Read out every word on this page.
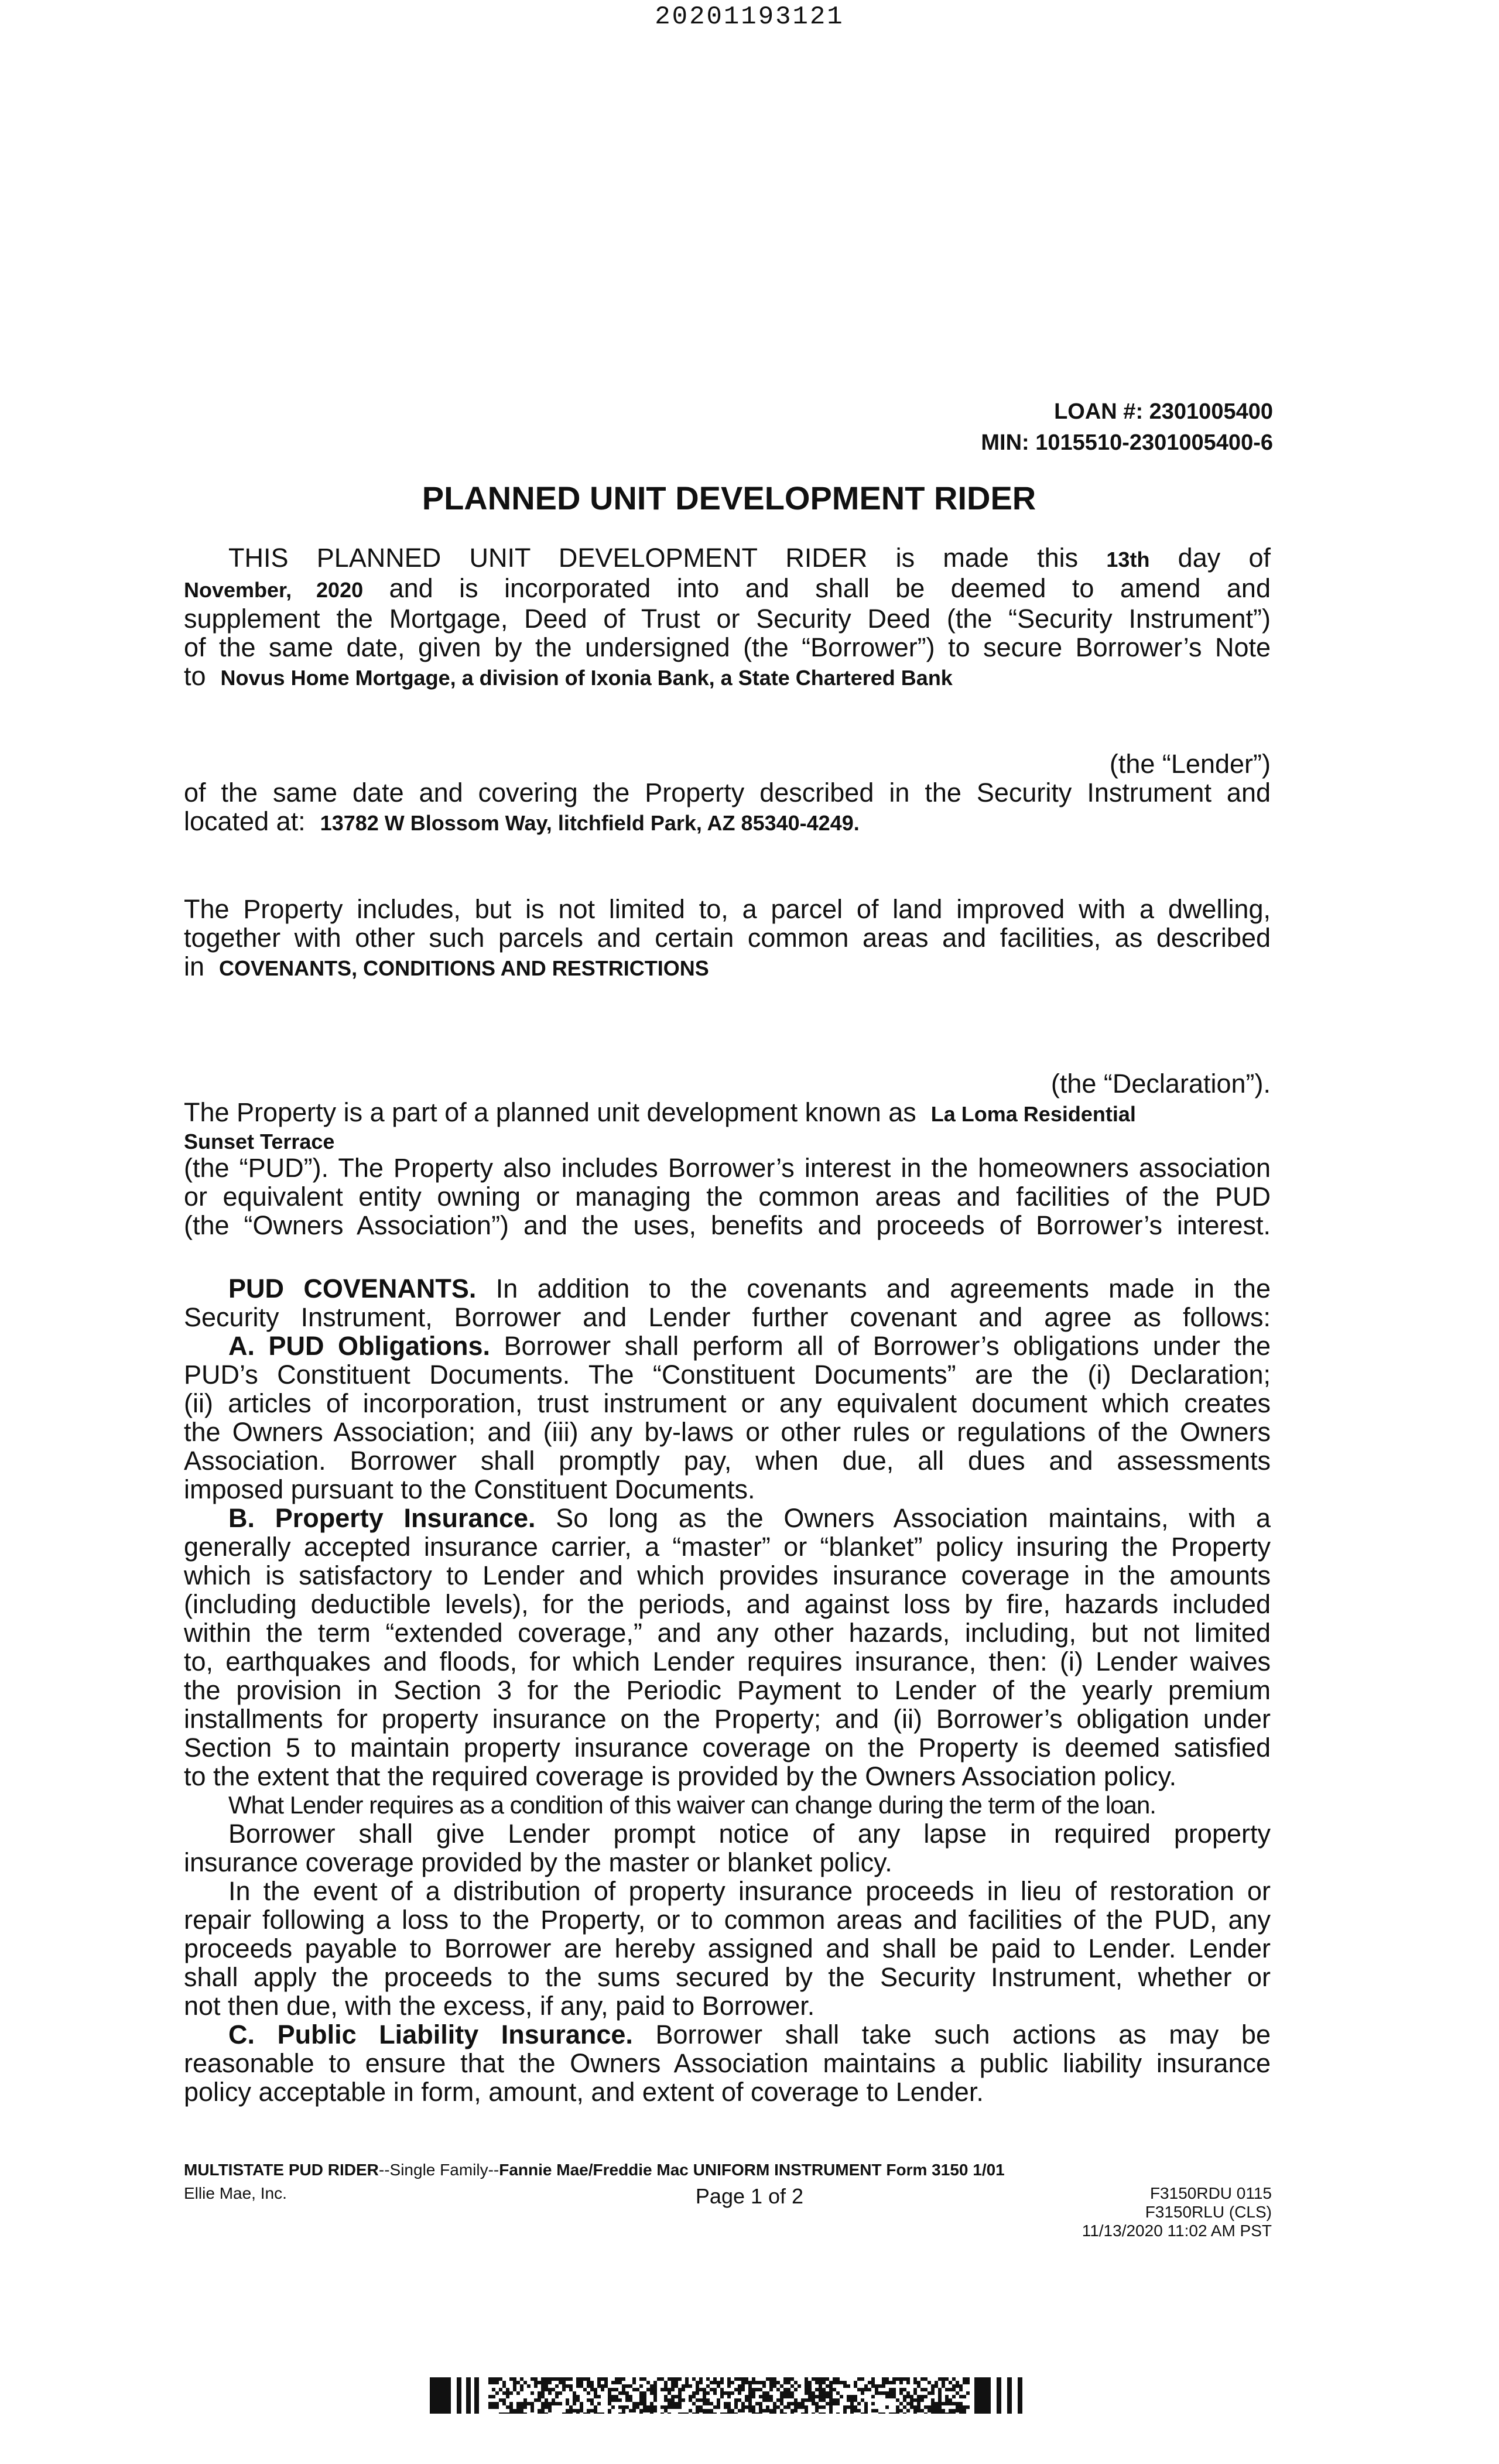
20201193121
LOAN #: 2301005400
MIN: 1015510-2301005400-6
PLANNED UNIT DEVELOPMENT RIDER
THIS PLANNED UNIT DEVELOPMENT RIDER is made this 13th day of
November, 2020 and is incorporated into and shall be deemed to amend and
supplement the Mortgage, Deed of Trust or Security Deed (the “Security Instrument”)
of the same date, given by the undersigned (the “Borrower”) to secure Borrower’s Note
to Novus Home Mortgage, a division of Ixonia Bank, a State Chartered Bank
(the “Lender”)
of the same date and covering the Property described in the Security Instrument and
located at: 13782 W Blossom Way, litchfield Park, AZ 85340-4249.
The Property includes, but is not limited to, a parcel of land improved with a dwelling,
together with other such parcels and certain common areas and facilities, as described
in COVENANTS, CONDITIONS AND RESTRICTIONS
(the “Declaration”).
The Property is a part of a planned unit development known as La Loma Residential
Sunset Terrace
(the “PUD”). The Property also includes Borrower’s interest in the homeowners association
or equivalent entity owning or managing the common areas and facilities of the PUD
(the “Owners Association”) and the uses, benefits and proceeds of Borrower’s interest.
PUD COVENANTS. In addition to the covenants and agreements made in the
Security Instrument, Borrower and Lender further covenant and agree as follows:
A. PUD Obligations. Borrower shall perform all of Borrower’s obligations under the
PUD’s Constituent Documents. The “Constituent Documents” are the (i) Declaration;
(ii) articles of incorporation, trust instrument or any equivalent document which creates
the Owners Association; and (iii) any by-laws or other rules or regulations of the Owners
Association. Borrower shall promptly pay, when due, all dues and assessments
imposed pursuant to the Constituent Documents.
B. Property Insurance. So long as the Owners Association maintains, with a
generally accepted insurance carrier, a “master” or “blanket” policy insuring the Property
which is satisfactory to Lender and which provides insurance coverage in the amounts
(including deductible levels), for the periods, and against loss by fire, hazards included
within the term “extended coverage,” and any other hazards, including, but not limited
to, earthquakes and floods, for which Lender requires insurance, then: (i) Lender waives
the provision in Section 3 for the Periodic Payment to Lender of the yearly premium
installments for property insurance on the Property; and (ii) Borrower’s obligation under
Section 5 to maintain property insurance coverage on the Property is deemed satisfied
to the extent that the required coverage is provided by the Owners Association policy.
What Lender requires as a condition of this waiver can change during the term of the loan.
Borrower shall give Lender prompt notice of any lapse in required property
insurance coverage provided by the master or blanket policy.
In the event of a distribution of property insurance proceeds in lieu of restoration or
repair following a loss to the Property, or to common areas and facilities of the PUD, any
proceeds payable to Borrower are hereby assigned and shall be paid to Lender. Lender
shall apply the proceeds to the sums secured by the Security Instrument, whether or
not then due, with the excess, if any, paid to Borrower.
C. Public Liability Insurance. Borrower shall take such actions as may be
reasonable to ensure that the Owners Association maintains a public liability insurance
policy acceptable in form, amount, and extent of coverage to Lender.
MULTISTATE PUD RIDER--Single Family--Fannie Mae/Freddie Mac UNIFORM INSTRUMENT Form 3150 1/01
Ellie Mae, Inc.	Page 1 of 2	F3150RDU 0115
F3150RLU (CLS)
11/13/2020 11:02 AM PST
